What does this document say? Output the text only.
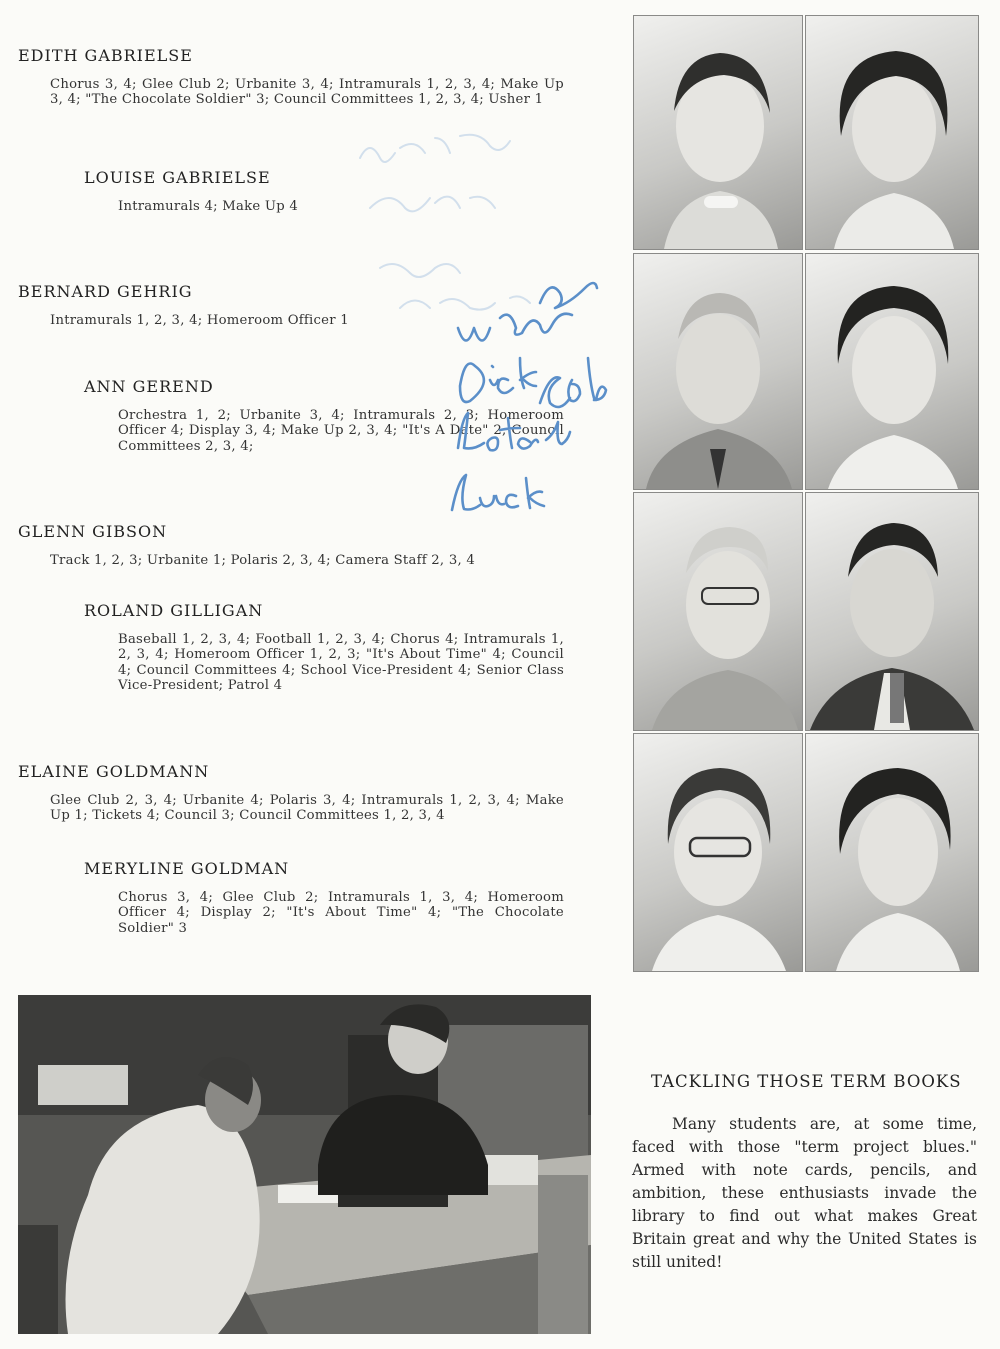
EDITH GABRIELSE

Chorus 3, 4; Glee Club 2; Urbanite 3, 4; Intramurals 1, 2, 3, 4; Make Up 3, 4; "The Chocolate Soldier" 3; Council Committees 1, 2, 3, 4; Usher 1

LOUISE GABRIELSE

Intramurals 4; Make Up 4

BERNARD GEHRIG

Intramurals 1, 2, 3, 4; Homeroom Officer 1

ANN GEREND

Orchestra 1, 2; Urbanite 3, 4; Intramurals 2, 3; Homeroom Officer 4; Display 3, 4; Make Up 2, 3, 4; "It's A Date" 2; Council Committees 2, 3, 4;

GLENN GIBSON

Track 1, 2, 3; Urbanite 1; Polaris 2, 3, 4; Camera Staff 2, 3, 4

ROLAND GILLIGAN

Baseball 1, 2, 3, 4; Football 1, 2, 3, 4; Chorus 4; Intramurals 1, 2, 3, 4; Homeroom Officer 1, 2, 3; "It's About Time" 4; Council 4; Council Committees 4; School Vice-President 4; Senior Class Vice-President; Patrol 4

ELAINE GOLDMANN

Glee Club 2, 3, 4; Urbanite 4; Polaris 3, 4; Intramurals 1, 2, 3, 4; Make Up 1; Tickets 4; Council 3; Council Committees 1, 2, 3, 4

MERYLINE GOLDMAN

Chorus 3, 4; Glee Club 2; Intramurals 1, 3, 4; Homeroom Officer 4; Display 2; "It's About Time" 4; "The Chocolate Soldier" 3

TACKLING THOSE TERM BOOKS

Many students are, at some time, faced with those "term project blues." Armed with note cards, pencils, and ambition, these enthusiasts invade the library to find out what makes Great Britain great and why the United States is still united!
